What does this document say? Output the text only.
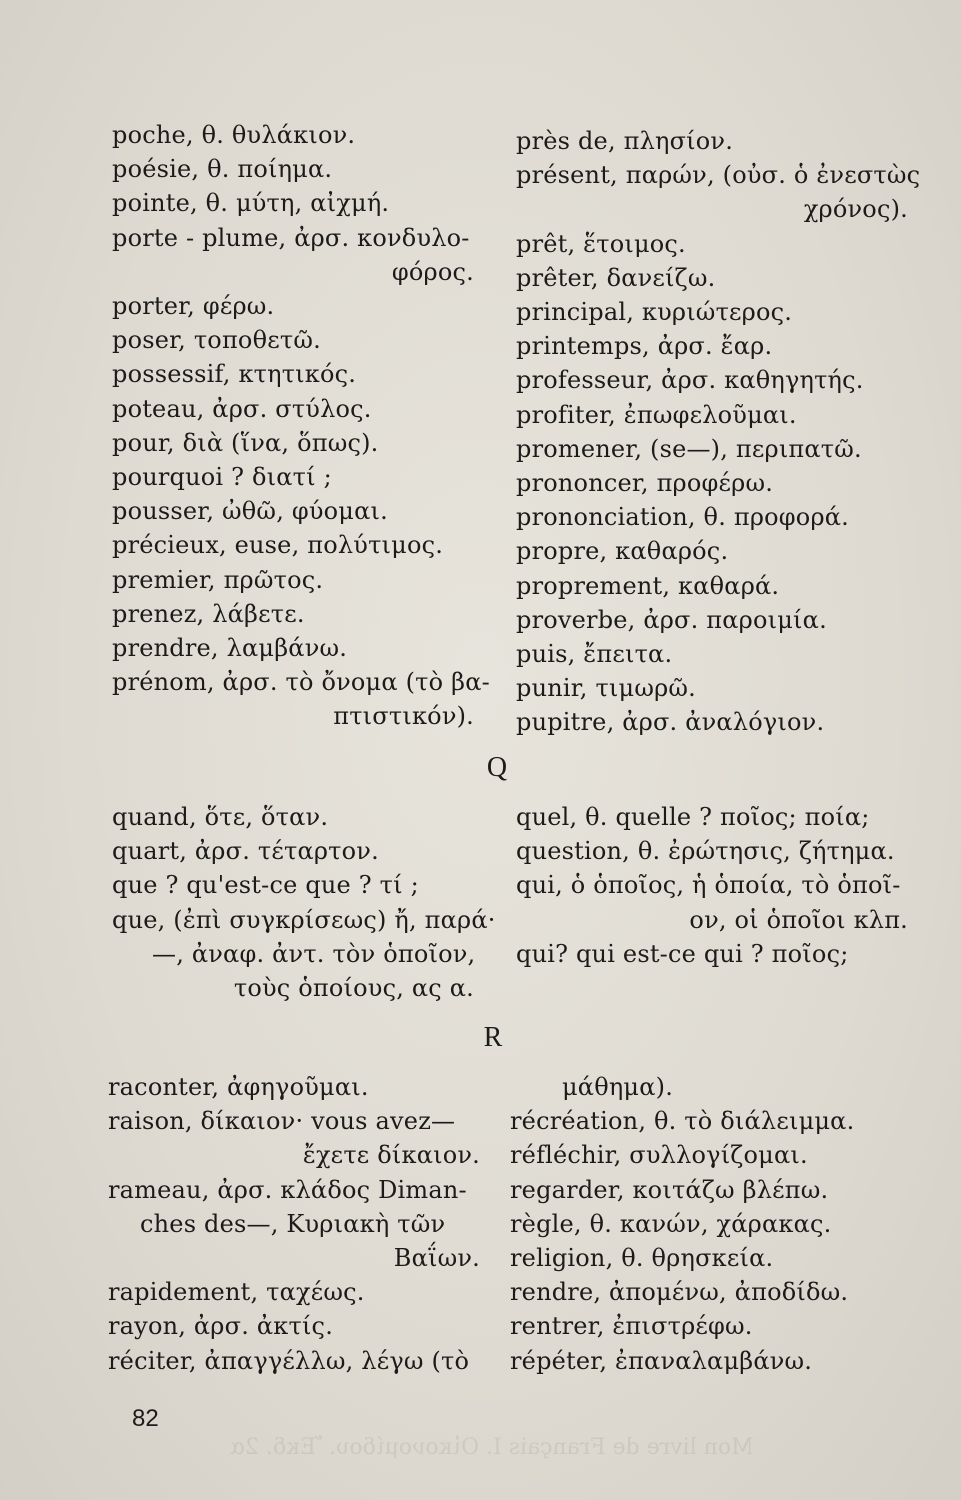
poche, θ. θυλάκιον.
poésie, θ. ποίημα.
pointe, θ. μύτη, αἰχμή.
porte - plume, ἀρσ. κονδυλο-
φόρος.
porter, φέρω.
poser, τοποθετῶ.
possessif, κτητικός.
poteau, ἀρσ. στύλος.
pour, διὰ (ἵνα, ὅπως).
pourquoi ? διατί ;
pousser, ὠθῶ, φύομαι.
précieux, euse, πολύτιμος.
premier, πρῶτος.
prenez, λάβετε.
prendre, λαμβάνω.
prénom, ἀρσ. τὸ ὄνομα (τὸ βα-
πτιστικόν).
près de, πλησίον.
présent, παρών, (οὐσ. ὁ ἐνεστὼς
χρόνος).
prêt, ἕτοιμος.
prêter, δανείζω.
principal, κυριώτερος.
printemps, ἀρσ. ἔαρ.
professeur, ἀρσ. καθηγητής.
profiter, ἐπωφελοῦμαι.
promener, (se—), περιπατῶ.
prononcer, προφέρω.
prononciation, θ. προφορά.
propre, καθαρός.
proprement, καθαρά.
proverbe, ἀρσ. παροιμία.
puis, ἔπειτα.
punir, τιμωρῶ.
pupitre, ἀρσ. ἀναλόγιον.
Q
quand, ὅτε, ὅταν.
quart, ἀρσ. τέταρτον.
que ? qu'est-ce que ? τί ;
que, (ἐπὶ συγκρίσεως) ἤ, παρά·
—, ἀναφ. ἀντ. τὸν ὁποῖον,
τοὺς ὁποίους, ας α.
quel, θ. quelle ? ποῖος; ποία;
question, θ. ἐρώτησις, ζήτημα.
qui, ὁ ὁποῖος, ἡ ὁποία, τὸ ὁποῖ-
ον, οἱ ὁποῖοι κλπ.
qui? qui est-ce qui ? ποῖος;
R
raconter, ἀφηγοῦμαι.
raison, δίκαιον· vous avez—
ἔχετε δίκαιον.
rameau, ἀρσ. κλάδος Diman-
ches des—, Κυριακὴ τῶν
Βαΐων.
rapidement, ταχέως.
rayon, ἀρσ. ἀκτίς.
réciter, ἀπαγγέλλω, λέγω (τὸ
μάθημα).
récréation, θ. τὸ διάλειμμα.
réfléchir, συλλογίζομαι.
regarder, κοιτάζω βλέπω.
règle, θ. κανών, χάρακας.
religion, θ. θρησκεία.
rendre, ἀπομένω, ἀποδίδω.
rentrer, ἐπιστρέφω.
répéter, ἐπαναλαμβάνω.
82
Mon livre de Français I. Οἰκονομίδου. Ἔκδ. 2α
